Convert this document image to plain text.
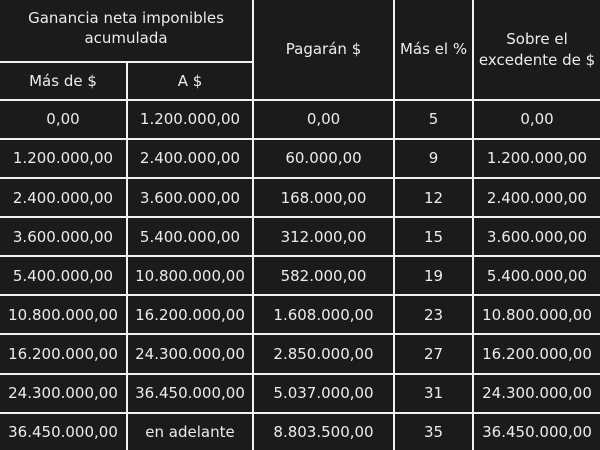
Ganancia neta imponibles acumulada		Pagarán $	Más el %	Sobre el excedente de $
Más de $	A $			
0,00	1.200.000,00	0,00	5	0,00
1.200.000,00	2.400.000,00	60.000,00	9	1.200.000,00
2.400.000,00	3.600.000,00	168.000,00	12	2.400.000,00
3.600.000,00	5.400.000,00	312.000,00	15	3.600.000,00
5.400.000,00	10.800.000,00	582.000,00	19	5.400.000,00
10.800.000,00	16.200.000,00	1.608.000,00	23	10.800.000,00
16.200.000,00	24.300.000,00	2.850.000,00	27	16.200.000,00
24.300.000,00	36.450.000,00	5.037.000,00	31	24.300.000,00
36.450.000,00	en adelante	8.803.500,00	35	36.450.000,00
